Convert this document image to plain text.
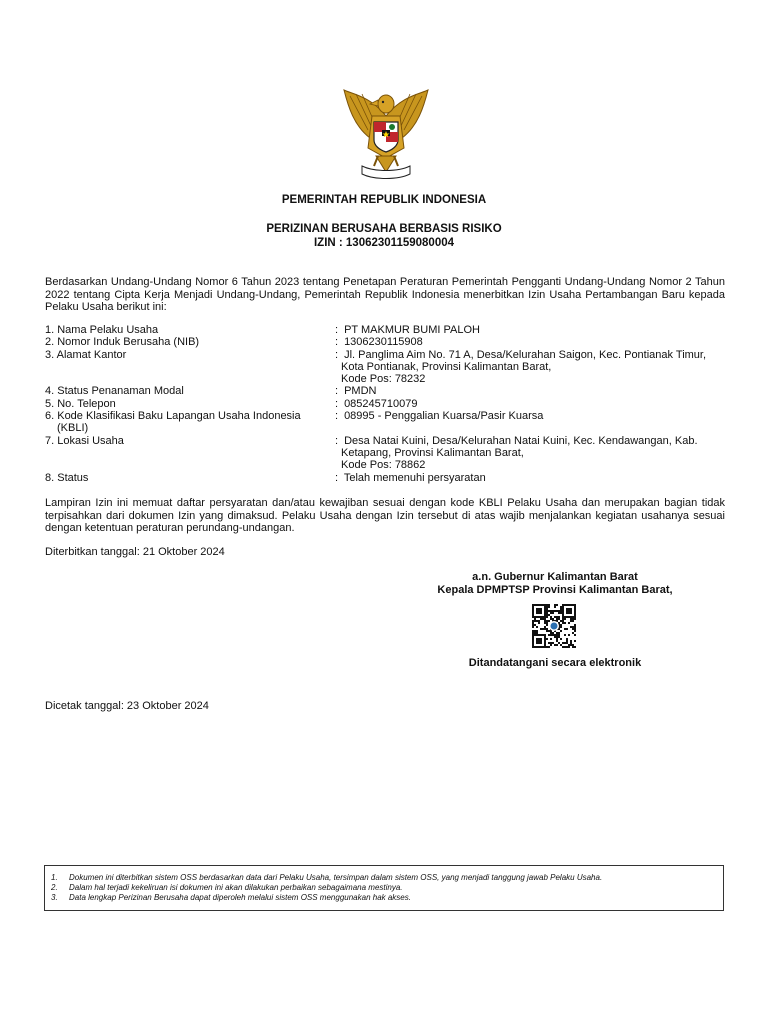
PEMERINTAH REPUBLIK INDONESIA
PERIZINAN BERUSAHA BERBASIS RISIKO
IZIN : 1306230115908000​4
Berdasarkan Undang-Undang Nomor 6 Tahun 2023 tentang Penetapan Peraturan Pemerintah Pengganti Undang-Undang Nomor 2 Tahun 2022 tentang Cipta Kerja Menjadi Undang-Undang, Pemerintah Republik Indonesia menerbitkan Izin Usaha Pertambangan Baru kepada Pelaku Usaha berikut ini:
1. Nama Pelaku Usaha	: PT MAKMUR BUMI PALOH
2. Nomor Induk Berusaha (NIB)	: 1306230115908
3. Alamat Kantor	: Jl. Panglima Aim No. 71 A, Desa/Kelurahan Saigon, Kec. Pontianak Timur,
Kota Pontianak, Provinsi Kalimantan Barat,
Kode Pos: 78232
4. Status Penanaman Modal	: PMDN
5. No. Telepon	: 085245710079
6. Kode Klasifikasi Baku Lapangan Usaha Indonesia
(KBLI)
: 08995 - Penggalian Kuarsa/Pasir Kuarsa
7. Lokasi Usaha	: Desa Natai Kuini, Desa/Kelurahan Natai Kuini, Kec. Kendawangan, Kab.
Ketapang, Provinsi Kalimantan Barat,
Kode Pos: 78862
8. Status	: Telah memenuhi persyaratan
Lampiran Izin ini memuat daftar persyaratan dan/atau kewajiban sesuai dengan kode KBLI Pelaku Usaha dan merupakan bagian tidak terpisahkan dari dokumen Izin yang dimaksud. Pelaku Usaha dengan Izin tersebut di atas wajib menjalankan kegiatan usahanya sesuai dengan ketentuan peraturan perundang-undangan.
Diterbitkan tanggal: 21 Oktober 2024
a.n. Gubernur Kalimantan Barat
Kepala DPMPTSP Provinsi Kalimantan Barat,
Ditandatangani secara elektronik
Dicetak tanggal: 23 Oktober 2024
1.	Dokumen ini diterbitkan sistem OSS berdasarkan data dari Pelaku Usaha, tersimpan dalam sistem OSS, yang menjadi tanggung jawab Pelaku Usaha.
2.	Dalam hal terjadi kekeliruan isi dokumen ini akan dilakukan perbaikan sebagaimana mestinya.
3.	Data lengkap Perizinan Berusaha dapat diperoleh melalui sistem OSS menggunakan hak akses.
